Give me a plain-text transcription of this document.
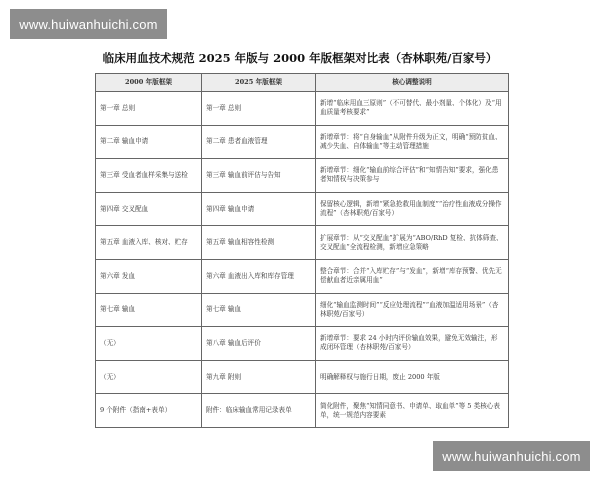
www.huiwanhuichi.com
临床用血技术规范 2025 年版与 2000 年版框架对比表（杏林职苑/百家号）
2000 年版框架	2025 年版框架	核心调整说明
第一章 总则	第一章 总则	新增“临床用血三原则”（不可替代、最小剂量、个体化）及“用血质量考核要求”
第二章 输血申请	第二章 患者血液管理	新增章节：将“自身输血”从附件升级为正文，明确“预防贫血、减少失血、自体输血”等主动管理措施
第三章 受血者血样采集与送检	第三章 输血前评估与告知	新增章节：细化“输血前综合评估”和“知情告知”要求，强化患者知情权与决策参与
第四章 交叉配血	第四章 输血申请	保留核心逻辑，新增“紧急抢救用血制度”“治疗性血液成分操作流程”（杏林职苑/百家号）
第五章 血液入库、核对、贮存	第五章 输血相容性检测	扩展章节：从“交叉配血”扩展为“ABO/RhD 复检、抗体筛查、交叉配血”全流程检测，新增应急策略
第六章 发血	第六章 血液出入库和库存管理	整合章节：合并“入库贮存”与“发血”，新增“库存预警、优先无偿献血者近亲属用血”
第七章 输血	第七章 输血	细化“输血监测时间”“反应处理流程”“血液加温适用场景”（杏林职苑/百家号）
（无）	第八章 输血后评价	新增章节：要求 24 小时内评价输血效果，避免无效输注，形成闭环管理（杏林职苑/百家号）
（无）	第九章 附则	明确解释权与施行日期，废止 2000 年版
9 个附件（指南+表单）	附件：临床输血常用记录表单	简化附件，聚焦“知情同意书、申请单、取血单”等 5 类核心表单，统一规范内容要素
www.huiwanhuichi.com
